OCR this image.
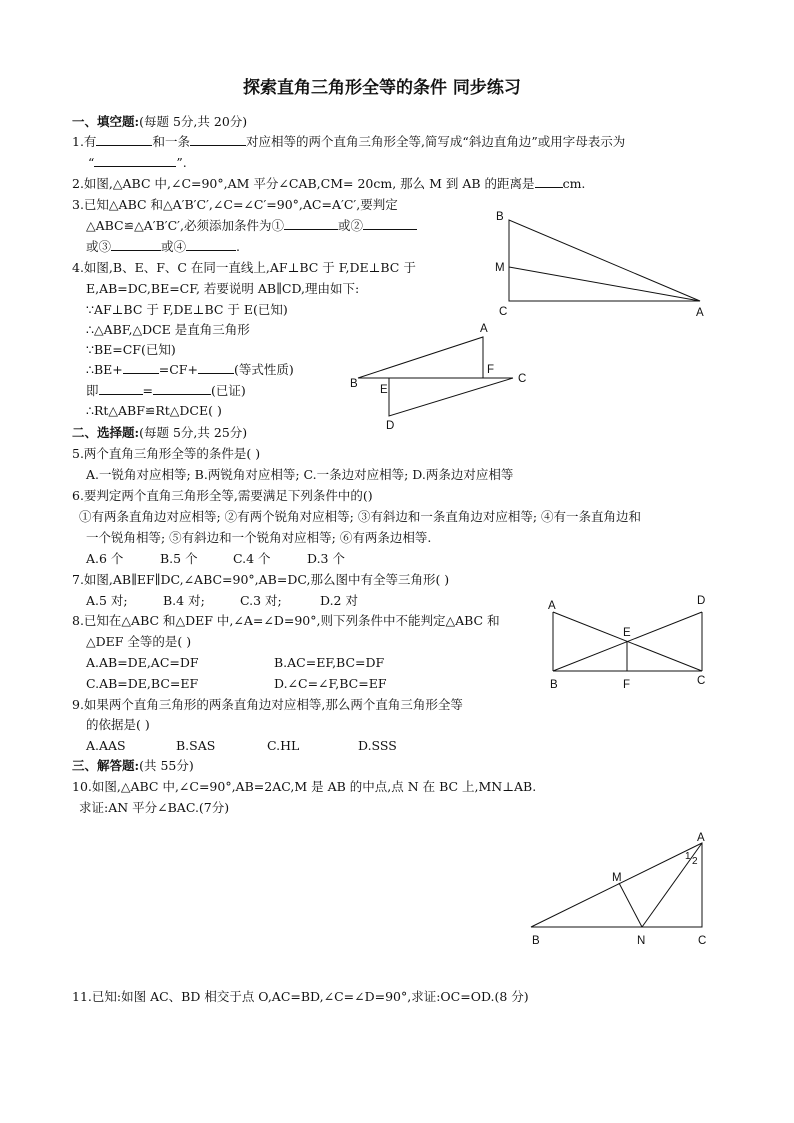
探索直角三角形全等的条件 同步练习
一、填空题:(每题 5分,共 20分)
1.有	和一条	对应相等的两个直角三角形全等,简写成“斜边直角边”或用字母表示为
“	”.
2.如图,△ABC 中,∠C=90°,AM 平分∠CAB,CM= 20cm, 那么 M 到 AB 的距离是 cm.
3.已知△ABC 和△A′B′C′,∠C=∠C′=90°,AC=A′C′,要判定
△ABC≌△A′B′C′,必须添加条件为①	或②
或③	或④	.
4.如图,B、E、F、C 在同一直线上,AF⊥BC 于 F,DE⊥BC 于
E,AB=DC,BE=CF, 若要说明 AB∥CD,理由如下:
∵AF⊥BC 于 F,DE⊥BC 于 E(已知)
∴△ABF,△DCE 是直角三角形
∵BE=CF(已知)
∴BE+	=CF+	(等式性质)
即	=	(已证)
∴Rt△ABF≌Rt△DCE( )
二、选择题:(每题 5分,共 25分)
5.两个直角三角形全等的条件是( )
A.一锐角对应相等; B.两锐角对应相等; C.一条边对应相等; D.两条边对应相等
6.要判定两个直角三角形全等,需要满足下列条件中的()
①有两条直角边对应相等; ②有两个锐角对应相等; ③有斜边和一条直角边对应相等; ④有一条直角边和
一个锐角相等; ⑤有斜边和一个锐角对应相等; ⑥有两条边相等.
A.6 个	B.5 个	C.4 个	D.3 个
7.如图,AB∥EF∥DC,∠ABC=90°,AB=DC,那么图中有全等三角形( )
A.5 对;	B.4 对;	C.3 对;	D.2 对
8.已知在△ABC 和△DEF 中,∠A=∠D=90°,则下列条件中不能判定△ABC 和
△DEF 全等的是( )
A.AB=DE,AC=DF	B.AC=EF,BC=DF
C.AB=DE,BC=EF	D.∠C=∠F,BC=EF
9.如果两个直角三角形的两条直角边对应相等,那么两个直角三角形全等
的依据是( )
A.AAS	B.SAS	C.HL	D.SSS
三、解答题:(共 55分)
10.如图,△ABC 中,∠C=90°,AB=2AC,M 是 AB 的中点,点 N 在 BC 上,MN⊥AB.
求证:AN 平分∠BAC.(7分)
11.已知:如图 AC、BD 相交于点 O,AC=BD,∠C=∠D=90°,求证:OC=OD.(8 分)
B
M
C	A
A
F
B	C
E
D
A	D
E
B	F	C
A
1 2
M
B	N	C
